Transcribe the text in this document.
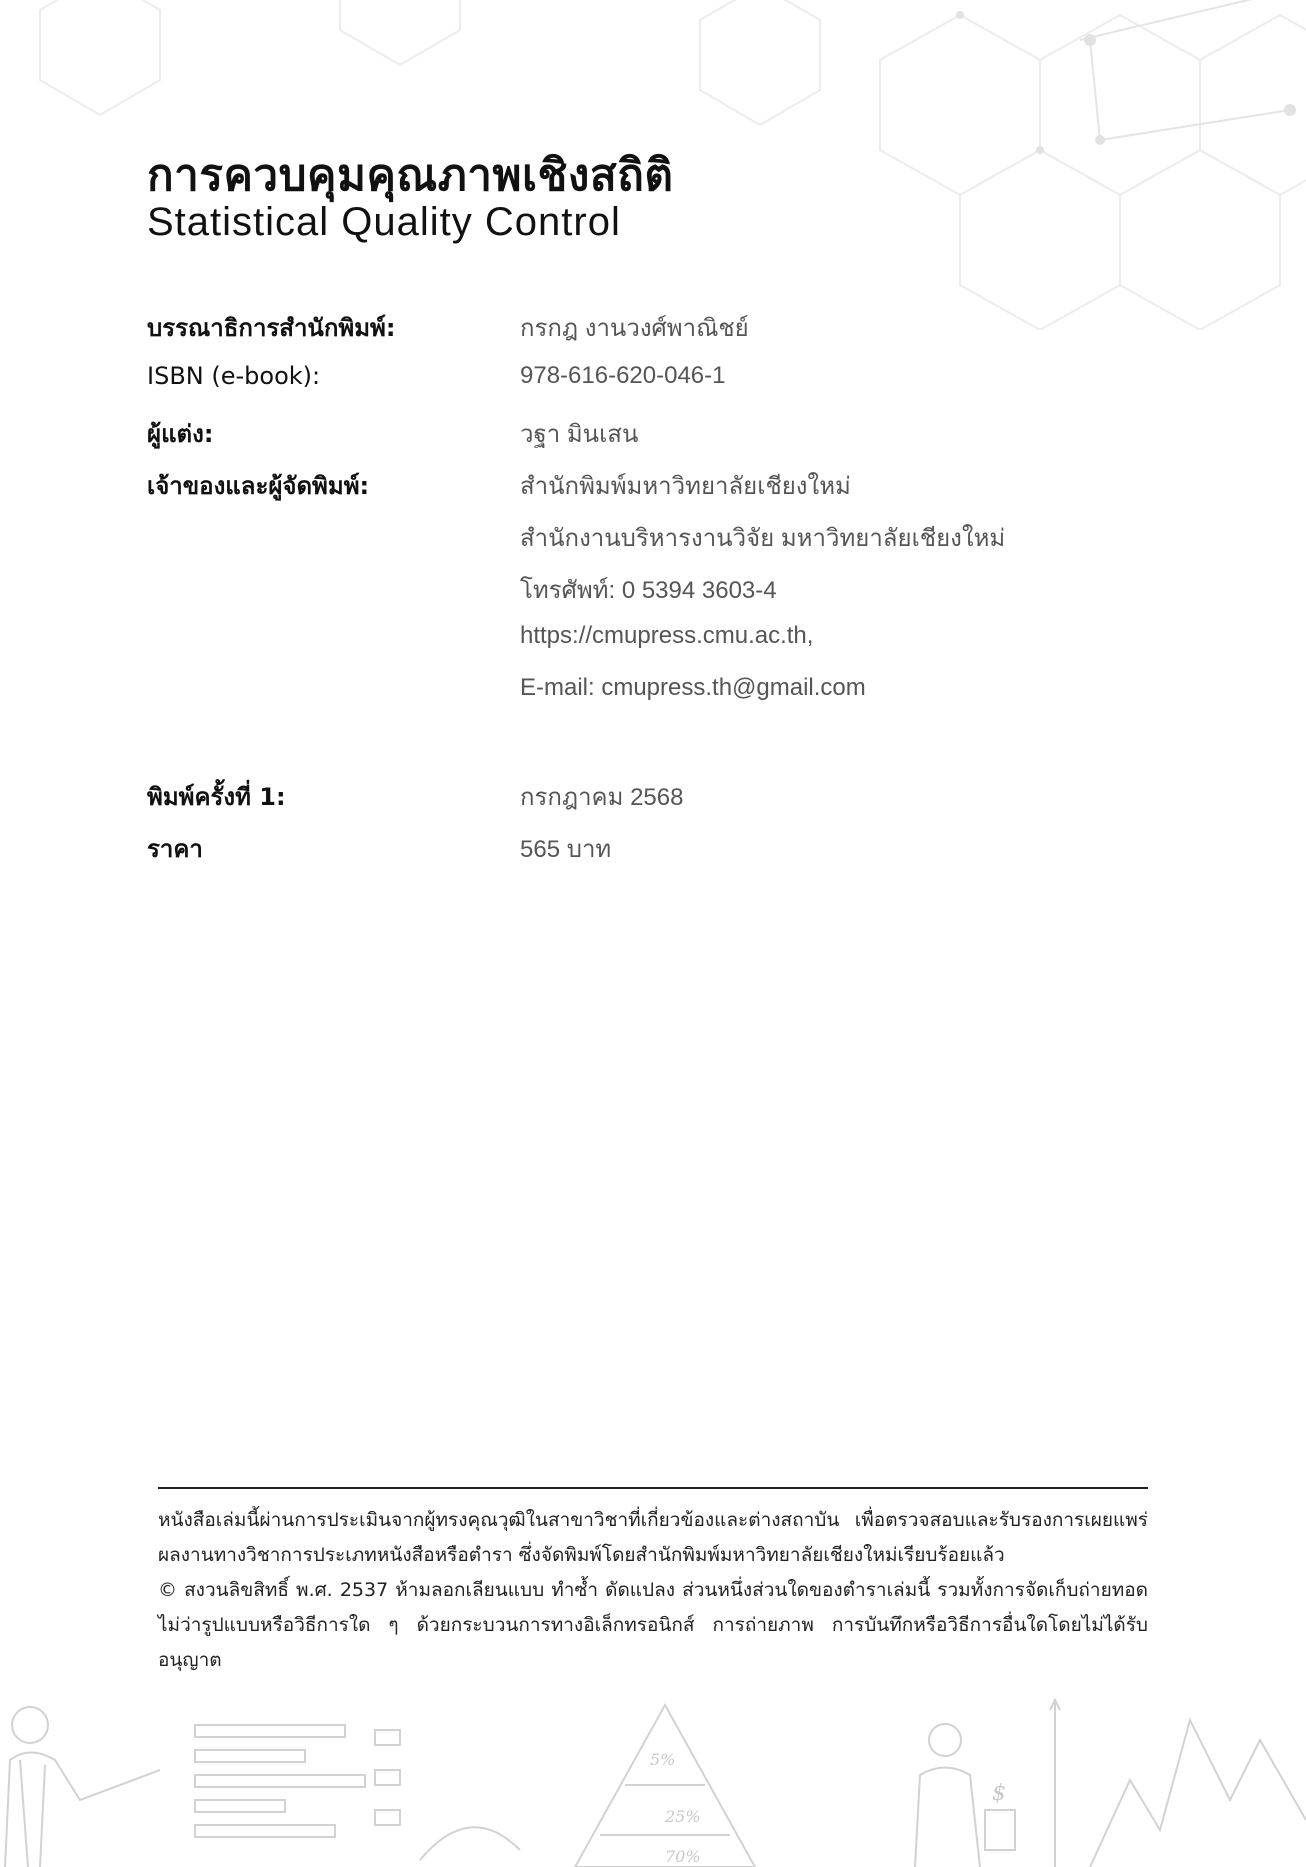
การควบคุมคุณภาพเชิงสถิติ
Statistical Quality Control
บรรณาธิการสำนักพิมพ์:	กรกฎ งานวงศ์พาณิชย์
ISBN (e-book):	978-616-620-046-1
ผู้แต่ง:	วฐา มินเสน
เจ้าของและผู้จัดพิมพ์:	สำนักพิมพ์มหาวิทยาลัยเชียงใหม่
สำนักงานบริหารงานวิจัย มหาวิทยาลัยเชียงใหม่
โทรศัพท์: 0 5394 3603-4
https://cmupress.cmu.ac.th,
E-mail: cmupress.th@gmail.com
พิมพ์ครั้งที่ 1:	กรกฎาคม 2568
ราคา	565 บาท

หนังสือเล่มนี้ผ่านการประเมินจากผู้ทรงคุณวุฒิในสาขาวิชาที่เกี่ยวข้องและต่างสถาบัน เพื่อตรวจสอบและรับรองการเผยแพร่ผลงานทางวิชาการประเภทหนังสือหรือตำรา ซึ่งจัดพิมพ์โดยสำนักพิมพ์มหาวิทยาลัยเชียงใหม่เรียบร้อยแล้ว

© สงวนลิขสิทธิ์ พ.ศ. 2537 ห้ามลอกเลียนแบบ ทำซ้ำ ดัดแปลง ส่วนหนึ่งส่วนใดของตำราเล่มนี้ รวมทั้งการจัดเก็บถ่ายทอด ไม่ว่ารูปแบบหรือวิธีการใด ๆ ด้วยกระบวนการทางอิเล็กทรอนิกส์ การถ่ายภาพ การบันทึกหรือวิธีการอื่นใดโดยไม่ได้รับอนุญาต

5%
25%
70%
$
